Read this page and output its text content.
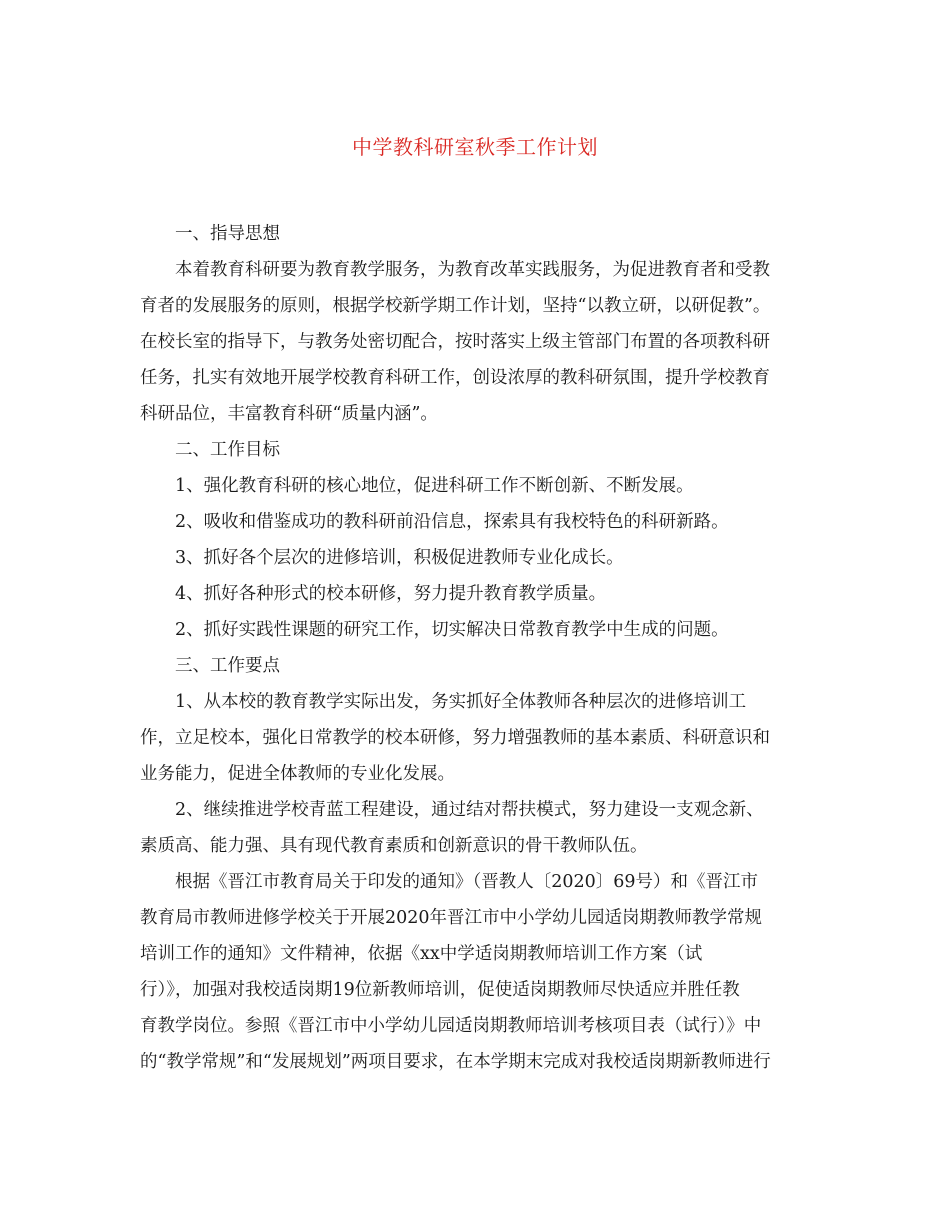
中学教科研室秋季工作计划
一、指导思想
本着教育科研要为教育教学服务，为教育改革实践服务，为促进教育者和受教
育者的发展服务的原则，根据学校新学期工作计划，坚持“以教立研，以研促教”。
在校长室的指导下，与教务处密切配合，按时落实上级主管部门布置的各项教科研
任务，扎实有效地开展学校教育科研工作，创设浓厚的教科研氛围，提升学校教育
科研品位，丰富教育科研“质量内涵”。
二、工作目标
1、强化教育科研的核心地位，促进科研工作不断创新、不断发展。
2、吸收和借鉴成功的教科研前沿信息，探索具有我校特色的科研新路。
3、抓好各个层次的进修培训，积极促进教师专业化成长。
4、抓好各种形式的校本研修，努力提升教育教学质量。
2、抓好实践性课题的研究工作，切实解决日常教育教学中生成的问题。
三、工作要点
1、从本校的教育教学实际出发，务实抓好全体教师各种层次的进修培训工
作，立足校本，强化日常教学的校本研修，努力增强教师的基本素质、科研意识和
业务能力，促进全体教师的专业化发展。
2、继续推进学校青蓝工程建设，通过结对帮扶模式，努力建设一支观念新、
素质高、能力强、具有现代教育素质和创新意识的骨干教师队伍。
根据《晋江市教育局关于印发的通知》（晋教人〔2020〕69号）和《晋江市
教育局市教师进修学校关于开展2020年晋江市中小学幼儿园适岗期教师教学常规
培训工作的通知》文件精神，依据《xx中学适岗期教师培训工作方案（试
行）》，加强对我校适岗期19位新教师培训，促使适岗期教师尽快适应并胜任教
育教学岗位。参照《晋江市中小学幼儿园适岗期教师培训考核项目表（试行）》中
的“教学常规”和“发展规划”两项目要求，在本学期末完成对我校适岗期新教师进行
